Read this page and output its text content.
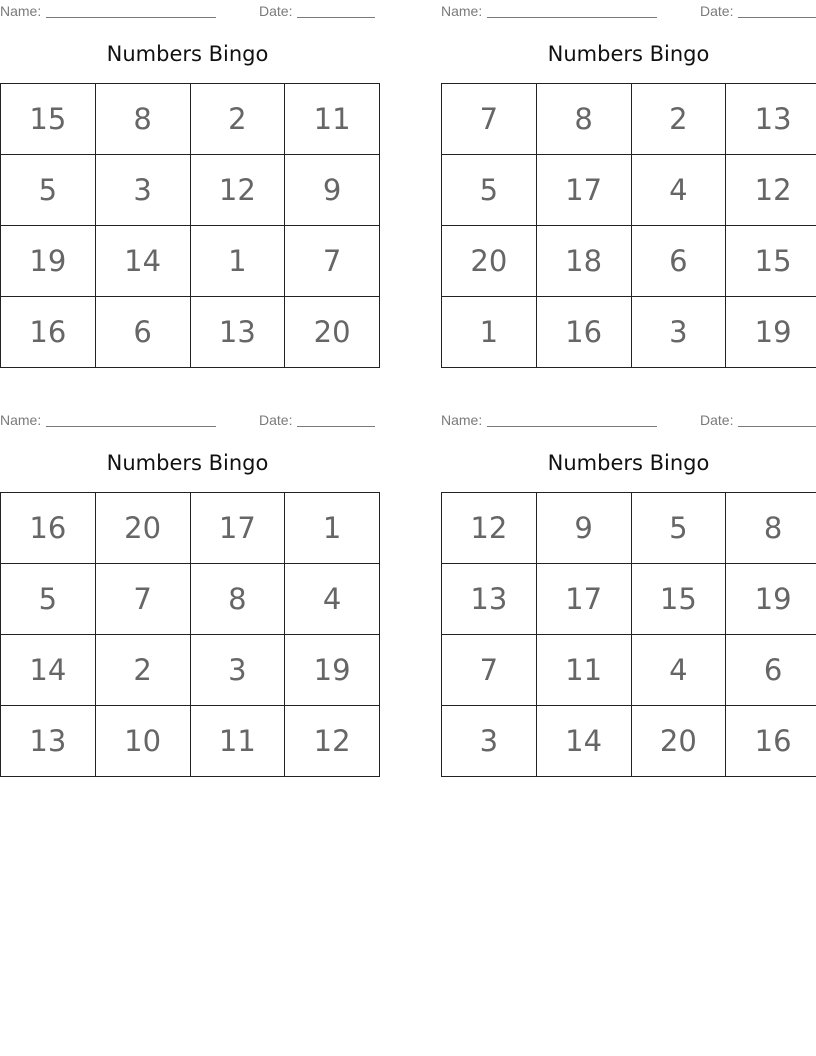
Name:	Date:
Numbers Bingo
15	8	2	11
5	3	12	9
19	14	1	7
16	6	13	20
Name:	Date:
Numbers Bingo
7	8	2	13
5	17	4	12
20	18	6	15
1	16	3	19
Name:	Date:
Numbers Bingo
16	20	17	1
5	7	8	4
14	2	3	19
13	10	11	12
Name:	Date:
Numbers Bingo
12	9	5	8
13	17	15	19
7	11	4	6
3	14	20	16
